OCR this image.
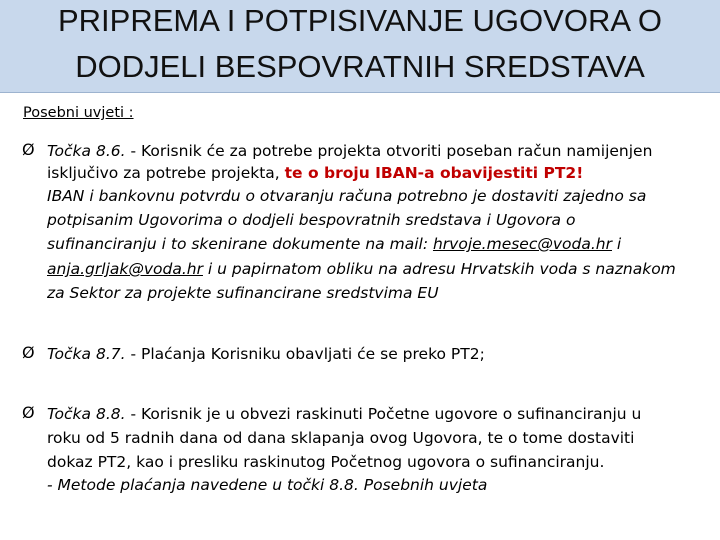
PRIPREMA I POTPISIVANJE UGOVORA O
DODJELI BESPOVRATNIH SREDSTAVA
Posebni uvjeti :
Ø Točka 8.6. - Korisnik će za potrebe projekta otvoriti poseban račun namijenjen
isključivo za potrebe projekta, te o broju IBAN-a obavijestiti PT2!
IBAN i bankovnu potvrdu o otvaranju računa potrebno je dostaviti zajedno sa
potpisanim Ugovorima o dodjeli bespovratnih sredstava i Ugovora o
sufinanciranju i to skenirane dokumente na mail: hrvoje.mesec@voda.hr i
anja.grljak@voda.hr i u papirnatom obliku na adresu Hrvatskih voda s naznakom
za Sektor za projekte sufinancirane sredstvima EU
Ø Točka 8.7. - Plaćanja Korisniku obavljati će se preko PT2;
Ø Točka 8.8. - Korisnik je u obvezi raskinuti Početne ugovore o sufinanciranju u
roku od 5 radnih dana od dana sklapanja ovog Ugovora, te o tome dostaviti
dokaz PT2, kao i presliku raskinutog Početnog ugovora o sufinanciranju.
- Metode plaćanja navedene u točki 8.8. Posebnih uvjeta
